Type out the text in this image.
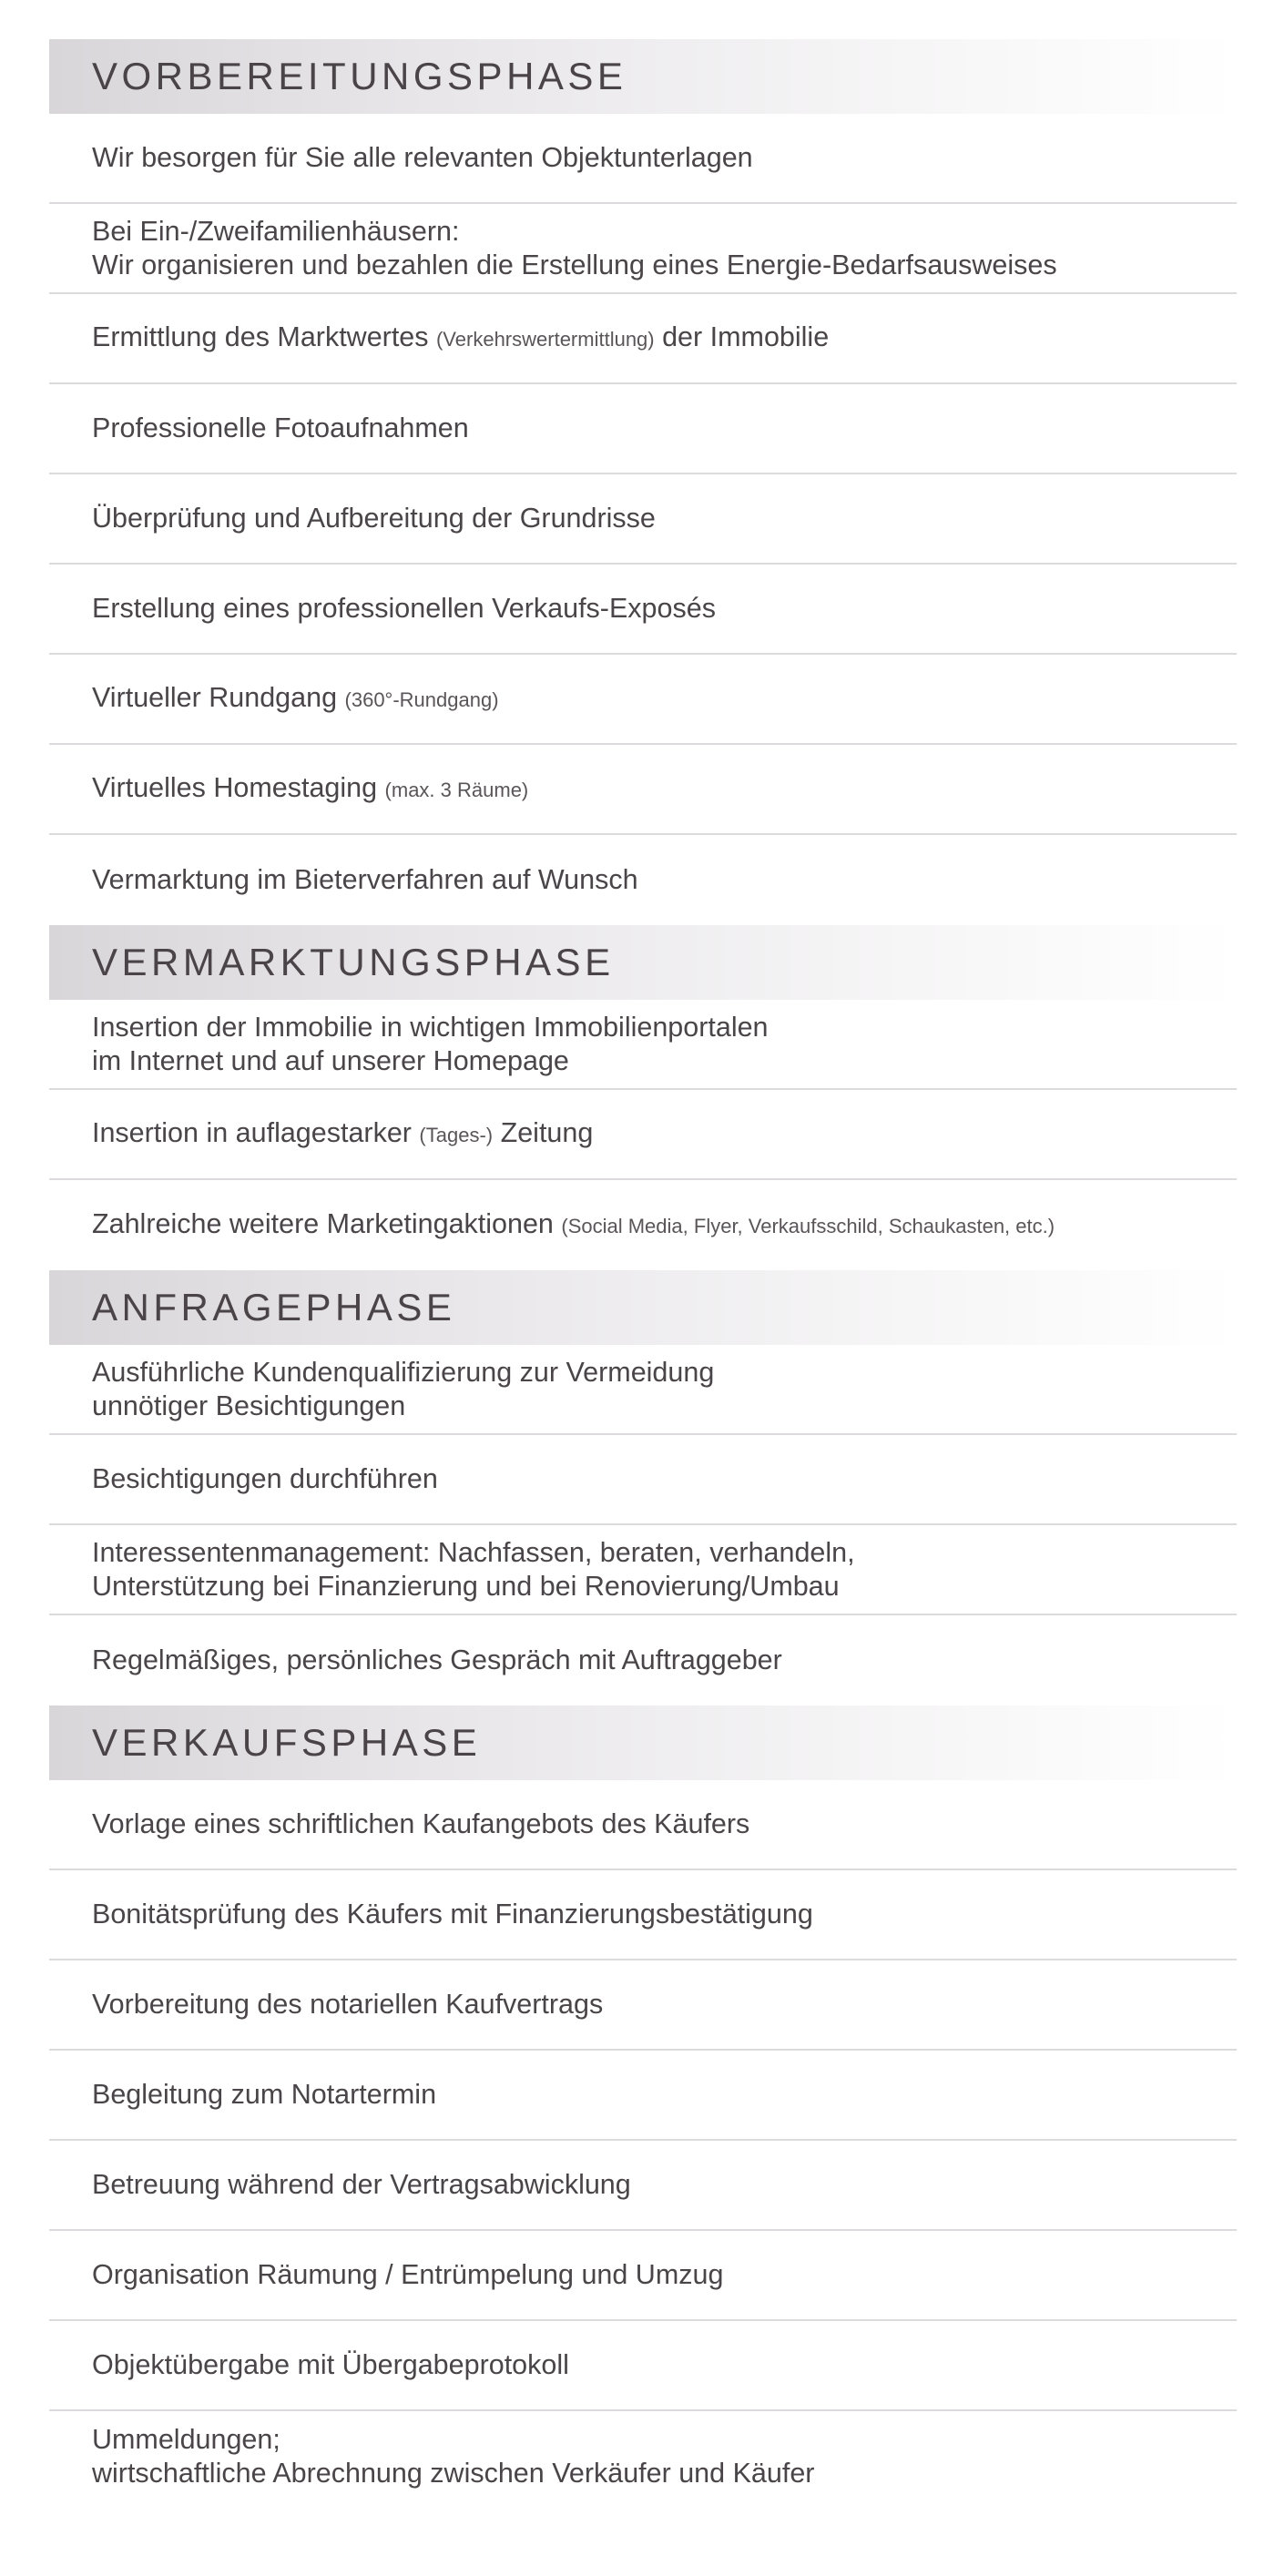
VORBEREITUNGSPHASE
Wir besorgen für Sie alle relevanten Objektunterlagen
Bei Ein-/Zweifamilienhäusern:
Wir organisieren und bezahlen die Erstellung eines Energie-Bedarfsausweises
Ermittlung des Marktwertes (Verkehrswertermittlung) der Immobilie
Professionelle Fotoaufnahmen
Überprüfung und Aufbereitung der Grundrisse
Erstellung eines professionellen Verkaufs-Exposés
Virtueller Rundgang (360°-Rundgang)
Virtuelles Homestaging (max. 3 Räume)
Vermarktung im Bieterverfahren auf Wunsch
VERMARKTUNGSPHASE
Insertion der Immobilie in wichtigen Immobilienportalen
im Internet und auf unserer Homepage
Insertion in auflagestarker (Tages-) Zeitung
Zahlreiche weitere Marketingaktionen (Social Media, Flyer, Verkaufsschild, Schaukasten, etc.)
ANFRAGEPHASE
Ausführliche Kundenqualifizierung zur Vermeidung
unnötiger Besichtigungen
Besichtigungen durchführen
Interessentenmanagement: Nachfassen, beraten, verhandeln,
Unterstützung bei Finanzierung und bei Renovierung/Umbau
Regelmäßiges, persönliches Gespräch mit Auftraggeber
VERKAUFSPHASE
Vorlage eines schriftlichen Kaufangebots des Käufers
Bonitätsprüfung des Käufers mit Finanzierungsbestätigung
Vorbereitung des notariellen Kaufvertrags
Begleitung zum Notartermin
Betreuung während der Vertragsabwicklung
Organisation Räumung / Entrümpelung und Umzug
Objektübergabe mit Übergabeprotokoll
Ummeldungen;
wirtschaftliche Abrechnung zwischen Verkäufer und Käufer
